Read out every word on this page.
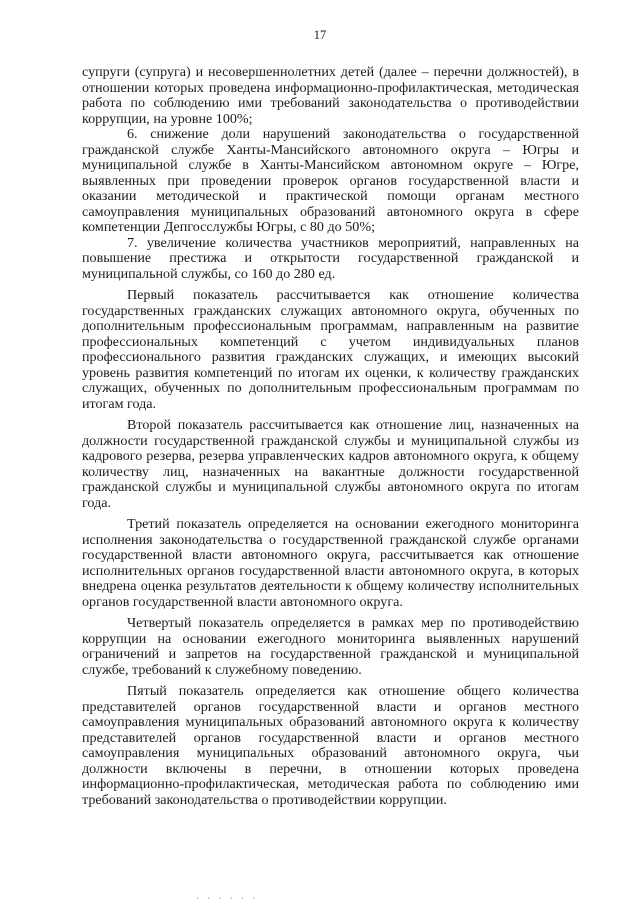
17

супруги (супруга) и несовершеннолетних детей (далее – перечни должностей), в отношении которых проведена информационно-профилактическая, методическая работа по соблюдению ими требований законодательства о противодействии коррупции, на уровне 100%;

6. снижение доли нарушений законодательства о государственной гражданской службе Ханты-Мансийского автономного округа – Югры и муниципальной службе в Ханты-Мансийском автономном округе – Югре, выявленных при проведении проверок органов государственной власти и оказании методической и практической помощи органам местного самоуправления муниципальных образований автономного округа в сфере компетенции Депгосслужбы Югры, с 80 до 50%;

7. увеличение количества участников мероприятий, направленных на повышение престижа и открытости государственной гражданской и муниципальной службы, со 160 до 280 ед.

Первый показатель рассчитывается как отношение количества государственных гражданских служащих автономного округа, обученных по дополнительным профессиональным программам, направленным на развитие профессиональных компетенций с учетом индивидуальных планов профессионального развития гражданских служащих, и имеющих высокий уровень развития компетенций по итогам их оценки, к количеству гражданских служащих, обученных по дополнительным профессиональным программам по итогам года.

Второй показатель рассчитывается как отношение лиц, назначенных на должности государственной гражданской службы и муниципальной службы из кадрового резерва, резерва управленческих кадров автономного округа, к общему количеству лиц, назначенных на вакантные должности государственной гражданской службы и муниципальной службы автономного округа по итогам года.

Третий показатель определяется на основании ежегодного мониторинга исполнения законодательства о государственной гражданской службе органами государственной власти автономного округа, рассчитывается как отношение исполнительных органов государственной власти автономного округа, в которых внедрена оценка результатов деятельности к общему количеству исполнительных органов государственной власти автономного округа.

Четвертый показатель определяется в рамках мер по противодействию коррупции на основании ежегодного мониторинга выявленных нарушений ограничений и запретов на государственной гражданской и муниципальной службе, требований к служебному поведению.

Пятый показатель определяется как отношение общего количества представителей органов государственной власти и органов местного самоуправления муниципальных образований автономного округа к количеству представителей органов государственной власти и органов местного самоуправления муниципальных образований автономного округа, чьи должности включены в перечни, в отношении которых проведена информационно-профилактическая, методическая работа по соблюдению ими требований законодательства о противодействии коррупции.

· · · · · ·
